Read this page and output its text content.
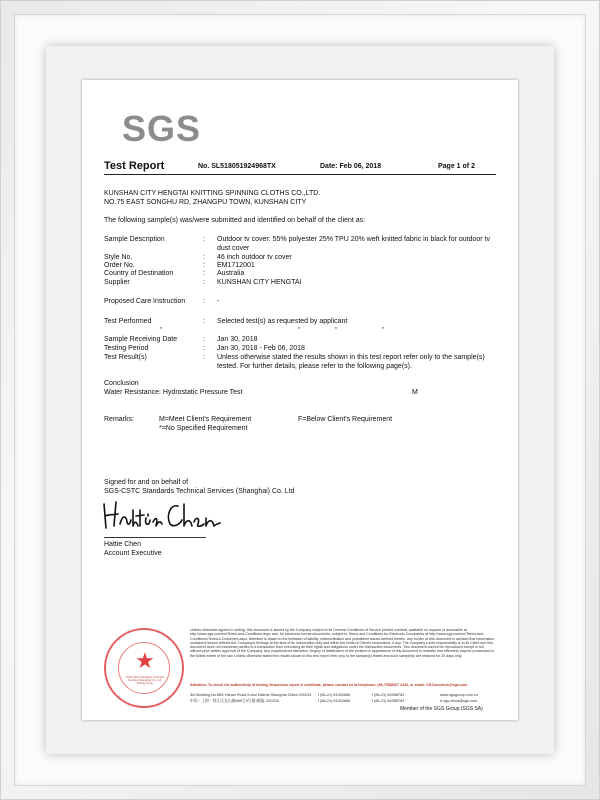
SGS
Test Report	No. SL518051924968TX	Date: Feb 06, 2018	Page 1 of 2
KUNSHAN CITY HENGTAI KNITTING SPINNING CLOTHS CO.,LTD.
NO.75 EAST SONGHU RD, ZHANGPU TOWN, KUNSHAN CITY
The following sample(s) was/were submitted and identified on behalf of the client as:
Sample Description	: Outdoor tv cover: 55% polyester 25% TPU 20% weft knitted fabric in black for outdoor tv dust cover
Style No.	: 46 inch outdoor tv cover
Order No.	: EM1712001
Country of Destination	: Australia
Supplier	: KUNSHAN CITY HENGTAI
Proposed Care Instruction	: -
Test Performed	: Selected test(s) as requested by applicant
*	*	*	*
Sample Receiving Date	: Jan 30, 2018
Testing Period	: Jan 30, 2018 - Feb 06, 2018
Test Result(s)	: Unless otherwise stated the results shown in this test report refer only to the sample(s) tested. For further details, please refer to the following page(s).
Conclusion
Water Resistance: Hydrostatic Pressure Test	M
Remarks:	M=Meet Client's Requirement	F=Below Client's Requirement
*=No Specified Requirement
Signed for and on behalf of
SGS-CSTC Standards Technical Services (Shanghai) Co. Ltd
Hattie Chen
Account Executive
★
SGS-CSTC Standards Technical Services (Shanghai) Co., Ltd. Testing Center
Unless otherwise agreed in writing, this document is issued by the Company subject to its General Conditions of Service printed overleaf, available on request or accessible at http://www.sgs.com/en/Terms-and-Conditions.aspx and, for electronic format documents, subject to Terms and Conditions for Electronic Documents at http://www.sgs.com/en/Terms-and-Conditions/Terms-e-Document.aspx. Attention is drawn to the limitation of liability, indemnification and jurisdiction issues defined therein. Any holder of this document is advised that information contained hereon reflects the Company's findings at the time of its intervention only and within the limits of Client's instructions, if any. The Company's sole responsibility is to its Client and this document does not exonerate parties to a transaction from exercising all their rights and obligations under the transaction documents. This document cannot be reproduced except in full, without prior written approval of the Company. Any unauthorized alteration, forgery or falsification of the content or appearance of this document is unlawful and offenders may be prosecuted to the fullest extent of the law. Unless otherwise stated the results shown in this test report refer only to the sample(s) tested and such sample(s) are retained for 30 days only.
Attention: To check the authenticity of testing /inspection report & certificate, please contact us at telephone: (86-755)8307 1443, or email: CN.Doccheck@sgs.com
3rd Building,No.889,Yishan Road,Xuhui District,Shanghai,China 200233
中国・上海・徐汇区宜山路889号3号楼 邮编: 200233
t (86-21) 61402666
t (86-21) 61402666
f (86-21) 64958763
f (86-21) 64958763
www.sgsgroup.com.cn
e sgs.china@sgs.com
Member of the SGS Group (SGS SA)
